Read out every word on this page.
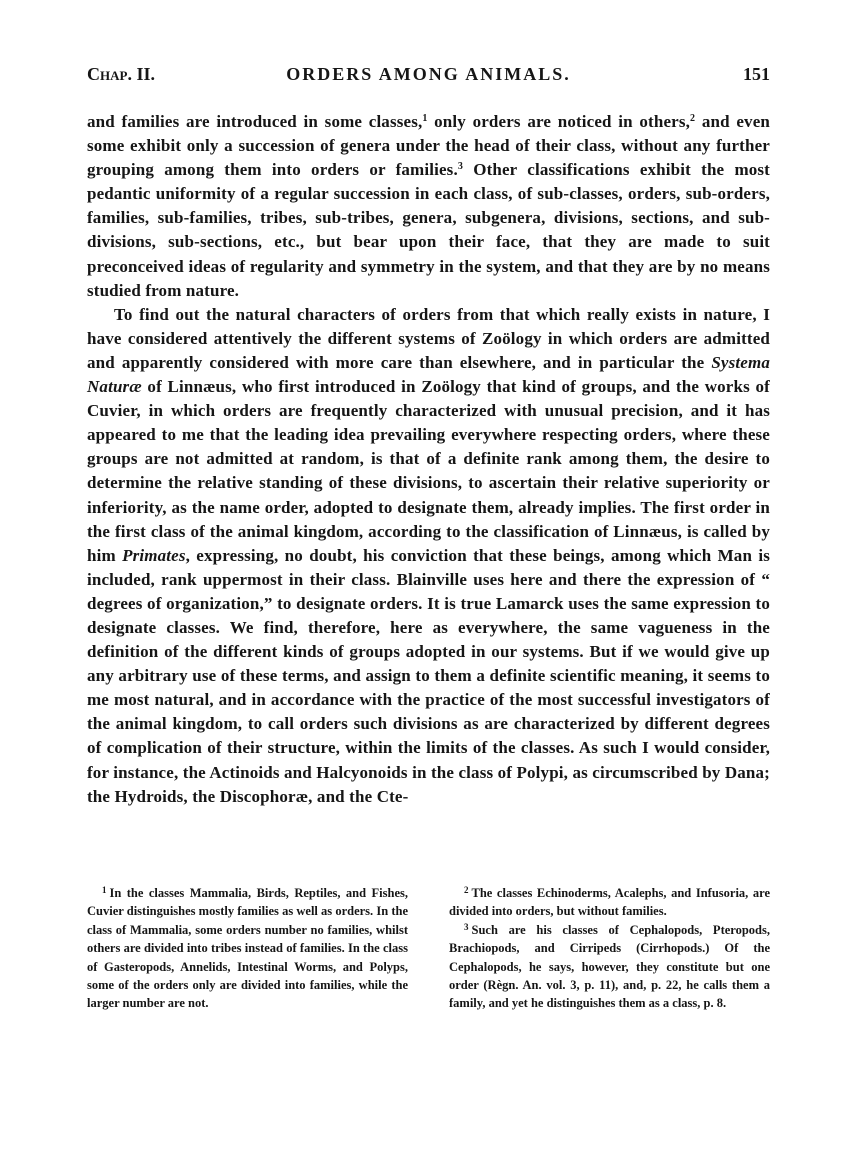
Chap. II.	ORDERS AMONG ANIMALS.	151

and families are introduced in some classes,$^1$ only orders are noticed in others,$^2$ and even some exhibit only a succession of genera under the head of their class, without any further grouping among them into orders or families.$^3$ Other classifications exhibit the most pedantic uniformity of a regular succession in each class, of sub-classes, orders, sub-orders, families, sub-families, tribes, sub-tribes, genera, subgenera, divisions, sections, and sub-divisions, sub-sections, etc., but bear upon their face, that they are made to suit preconceived ideas of regularity and symmetry in the system, and that they are by no means studied from nature.

To find out the natural characters of orders from that which really exists in nature, I have considered attentively the different systems of Zoölogy in which orders are admitted and apparently considered with more care than elsewhere, and in particular the Systema Naturæ of Linnæus, who first introduced in Zoölogy that kind of groups, and the works of Cuvier, in which orders are frequently characterized with unusual precision, and it has appeared to me that the leading idea prevailing everywhere respecting orders, where these groups are not admitted at random, is that of a definite rank among them, the desire to determine the relative standing of these divisions, to ascertain their relative superiority or inferiority, as the name order, adopted to designate them, already implies. The first order in the first class of the animal kingdom, according to the classification of Linnæus, is called by him Primates, expressing, no doubt, his conviction that these beings, among which Man is included, rank uppermost in their class. Blainville uses here and there the expression of “ degrees of organization,” to designate orders. It is true Lamarck uses the same expression to designate classes. We find, therefore, here as everywhere, the same vagueness in the definition of the different kinds of groups adopted in our systems. But if we would give up any arbitrary use of these terms, and assign to them a definite scientific meaning, it seems to me most natural, and in accordance with the practice of the most successful investigators of the animal kingdom, to call orders such divisions as are characterized by different degrees of complication of their structure, within the limits of the classes. As such I would consider, for instance, the Actinoids and Halcyonoids in the class of Polypi, as circumscribed by Dana; the Hydroids, the Discophoræ, and the Cte-

$^1$ In the classes Mammalia, Birds, Reptiles, and Fishes, Cuvier distinguishes mostly families as well as orders. In the class of Mammalia, some orders number no families, whilst others are divided into tribes instead of families. In the class of Gasteropods, Annelids, Intestinal Worms, and Polyps, some of the orders only are divided into families, while the larger number are not.

$^2$ The classes Echinoderms, Acalephs, and Infusoria, are divided into orders, but without families.

$^3$ Such are his classes of Cephalopods, Pteropods, Brachiopods, and Cirripeds (Cirrhopods.) Of the Cephalopods, he says, however, they constitute but one order (Règn. An. vol. 3, p. 11), and, p. 22, he calls them a family, and yet he distinguishes them as a class, p. 8.
